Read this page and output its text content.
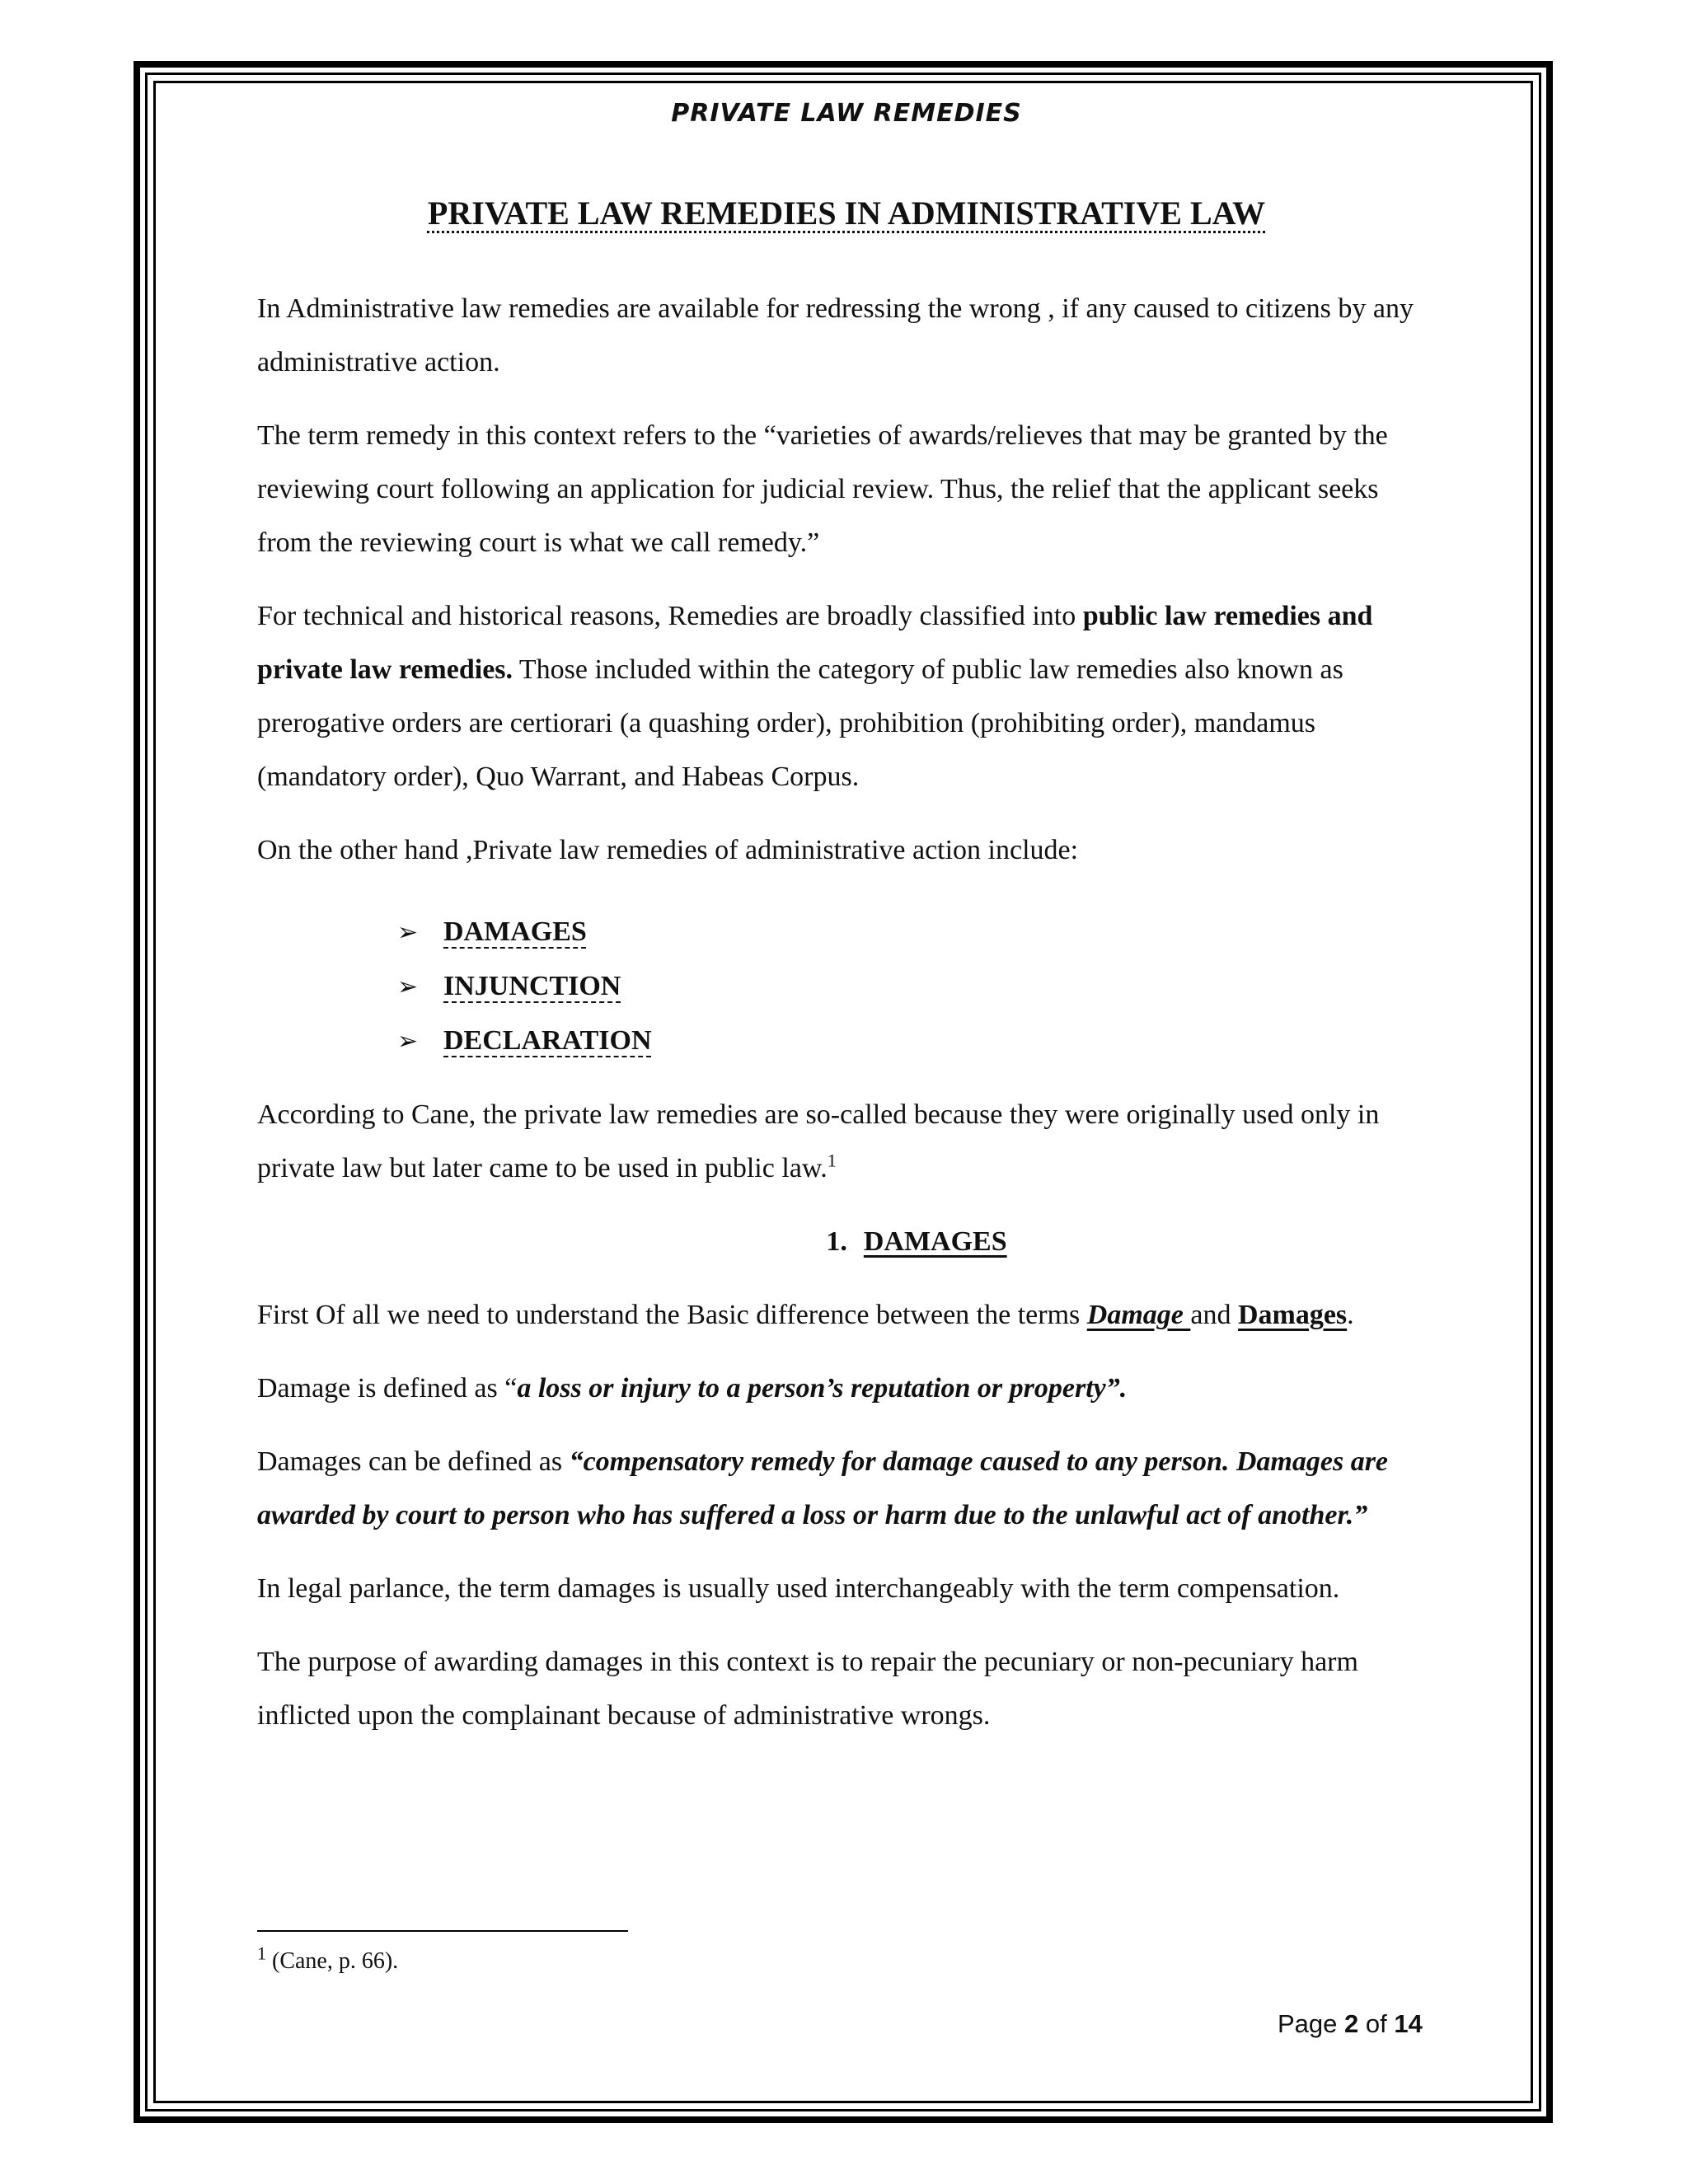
PRIVATE LAW REMEDIES
PRIVATE LAW REMEDIES IN ADMINISTRATIVE LAW

In Administrative law remedies are available for redressing the wrong , if any caused to citizens by any administrative action.

The term remedy in this context refers to the “varieties of awards/relieves that may be granted by the reviewing court following an application for judicial review. Thus, the relief that the applicant seeks from the reviewing court is what we call remedy.”

For technical and historical reasons, Remedies are broadly classified into public law remedies and private law remedies. Those included within the category of public law remedies also known as prerogative orders are certiorari (a quashing order), prohibition (prohibiting order), mandamus (mandatory order), Quo Warrant, and Habeas Corpus.

On the other hand ,Private law remedies of administrative action include:

➢ DAMAGES
➢ INJUNCTION
➢ DECLARATION

According to Cane, the private law remedies are so-called because they were originally used only in private law but later came to be used in public law.$^1$

1. DAMAGES

First Of all we need to understand the Basic difference between the terms Damage and Damages.

Damage is defined as “a loss or injury to a person’s reputation or property”.

Damages can be defined as “compensatory remedy for damage caused to any person. Damages are awarded by court to person who has suffered a loss or harm due to the unlawful act of another.”

In legal parlance, the term damages is usually used interchangeably with the term compensation.

The purpose of awarding damages in this context is to repair the pecuniary or non-pecuniary harm inflicted upon the complainant because of administrative wrongs.

$^1$ (Cane, p. 66).
Page 2 of 14
